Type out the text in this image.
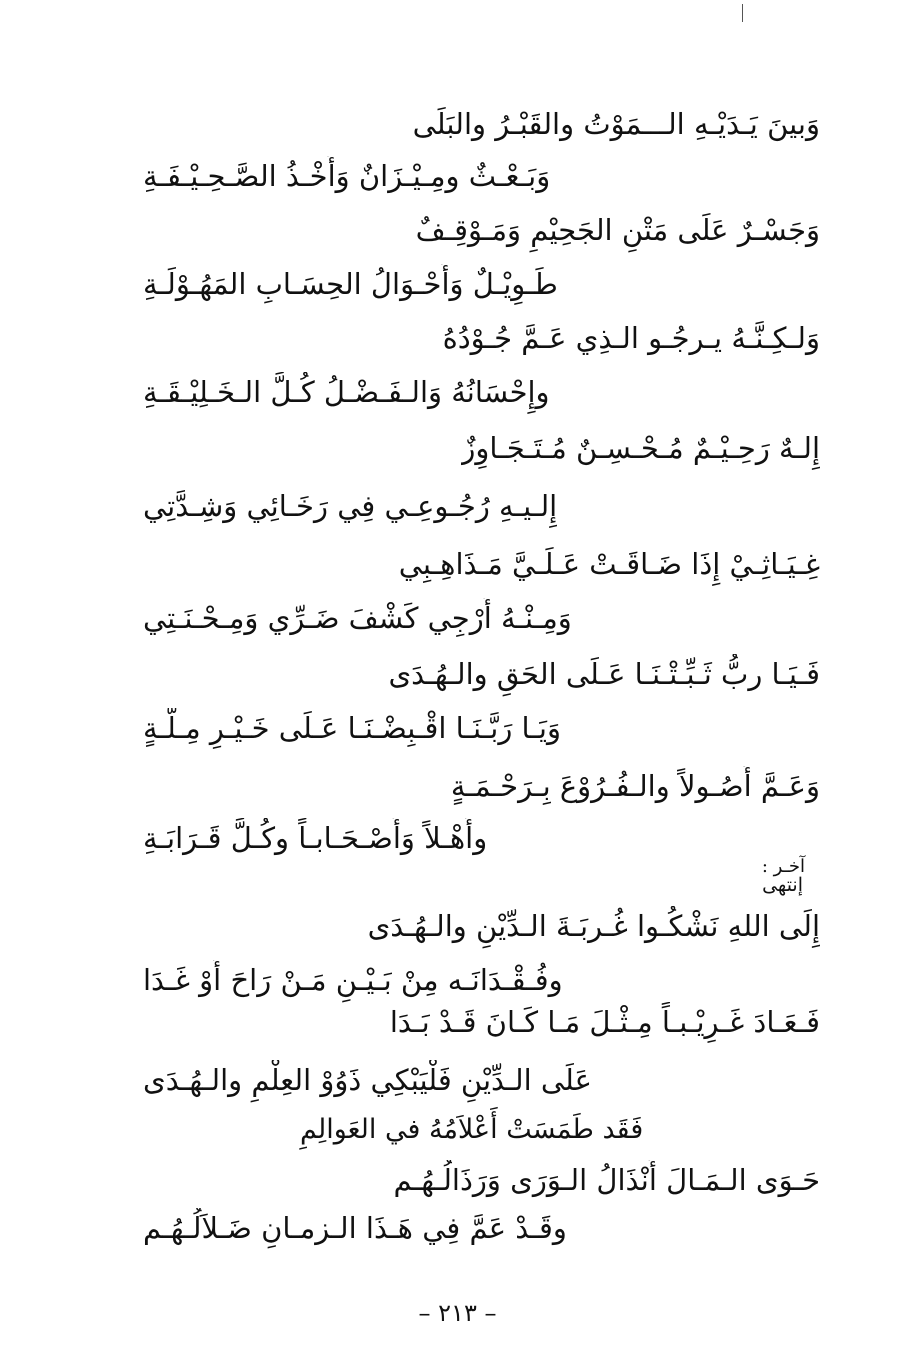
وَبينَ يَـدَيْـهِ الـــمَوْتُ والقَبْـرُ والبَلَى
وَبَـعْـثٌ ومِـيْـزَانٌ وَأَخْـذُ الصَّـحِـيْـفَـةِ
وَجَسْـرٌ عَلَى مَتْنِ الجَحِيْمِ وَمَـوْقِـفٌ
طَـوِيْـلٌ وَأَحْـوَالُ الحِسَـابِ المَهُـوْلَـةِ
وَلـكِـنَّـهُ يـرجُـو الـذِي عَـمَّ جُـوْدُهُ
وإِحْسَانُهُ وَالـفَـضْـلُ كُـلَّ الـخَـلِيْـقَـةِ
إِلـهٌ رَحِـيْـمٌ مُـحْـسِـنٌ مُـتَـجَـاوِزٌ
إِلـيـهِ رُجُـوعِـي فِي رَخَـائِي وَشِـدَّتِي
غِـيَـاثِـيْ إِذَا ضَـاقَـتْ عَـلَـيَّ مَـذَاهِـبِي
وَمِـنْـهُ أَرْجِي كَشْفَ ضَـرِّي وَمِـحْـنَـتِي
فَـيَـا ربُّ ثَـبِّـتْـنَـا عَـلَى الحَقِ والـهُـدَى
وَيَـا رَبَّـنَـا اقْـبِضْـنَـا عَـلَى خَـيْـرِ مِـلَّـةٍ
وَعَـمَّ أُصُـولاً والـفُـرُوْعَ بِـرَحْـمَـةٍ
وأَهْـلاً وَأَصْـحَـابـاً وكُـلَّ قَـرَابَـةِ
آخـر :
إنتهى
إِلَى اللهِ نَشْكُـوا غُـربَـةَ الـدِّيْنِ والـهُـدَى
وفُـقْـدَانَـه مِنْ بَـيْـنِ مَـنْ رَاحَ أَوْ غَـدَا
فَـعَـادَ غَـرِيْـبـاً مِـثْـلَ مَـا كَـانَ قَـدْ بَـدَا
عَلَى الـدِّيْنِ فَلْيَبْكِي ذَوُوْ العِلْمِ والـهُـدَى
فَقَد طَمَسَتْ أَعْلاَمُهُ في العَوالِمِ
حَـوَى الـمَـالَ أَنْذَالُ الـوَرَى وَرَذَالُـهُـم
وقَـدْ عَمَّ فِي هَـذَا الـزمـانِ ضَـلاَلُـهُـم
– ٢١٣ –
